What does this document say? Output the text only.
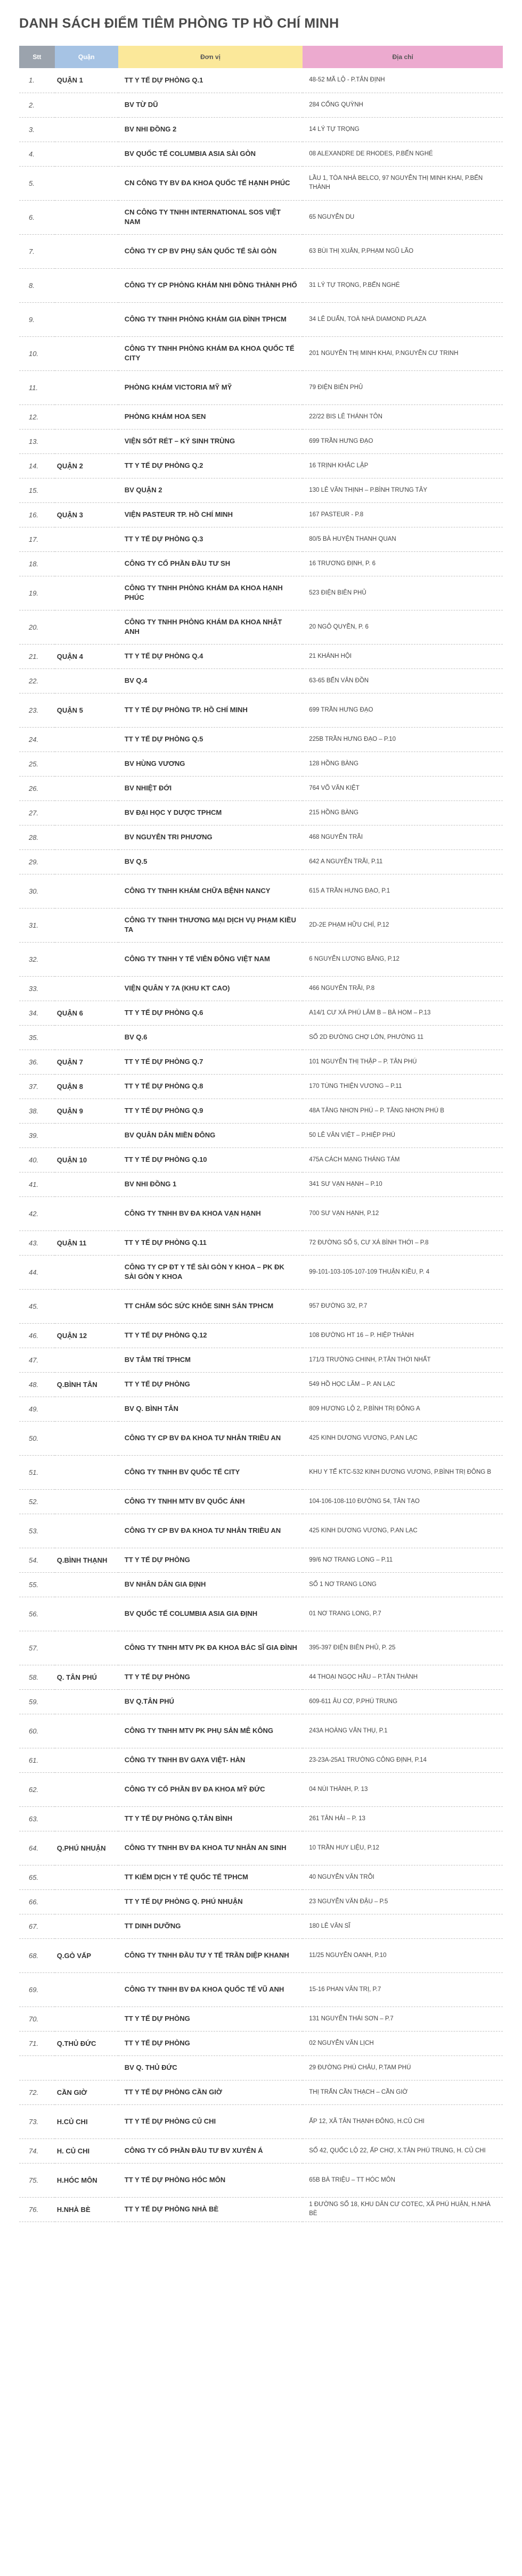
DANH SÁCH ĐIỂM TIÊM PHÒNG TP HỒ CHÍ MINH
Stt	Quận	Đơn vị	Địa chỉ
1.	QUẬN 1	TT Y TẾ DỰ PHÒNG Q.1	48-52 MÃ LỘ - P.TÂN ĐỊNH
2.		BV TỪ DŨ	284 CỐNG QUỲNH
3.		BV NHI ĐỒNG 2	14 LÝ TỰ TRỌNG
4.		BV QUỐC TẾ COLUMBIA ASIA SÀI GÒN	08 ALEXANDRE DE RHODES, P.BẾN NGHÉ
5.		CN CÔNG TY BV ĐA KHOA QUỐC TẾ HẠNH PHÚC	LẦU 1, TÒA NHÀ BELCO, 97 NGUYỄN THỊ MINH KHAI, P.BẾN THÀNH
6.		CN CÔNG TY TNHH INTERNATIONAL SOS VIỆT NAM	65 NGUYỄN DU
7.		CÔNG TY CP BV PHỤ SẢN QUỐC TẾ SÀI GÒN	63 BÙI THỊ XUÂN, P.PHẠM NGŨ LÃO
8.		CÔNG TY CP PHÒNG KHÁM NHI ĐỒNG THÀNH PHỐ	31 LÝ TỰ TRỌNG, P.BẾN NGHÉ
9.		CÔNG TY TNHH PHÒNG KHÁM GIA ĐÌNH TPHCM	34 LÊ DUẨN, TOÀ NHÀ DIAMOND PLAZA
10.		CÔNG TY TNHH PHÒNG KHÁM ĐA KHOA QUỐC TẾ CITY	201 NGUYỄN THỊ MINH KHAI, P.NGUYỄN CƯ TRINH
11.		PHÒNG KHÁM VICTORIA MỸ MỸ	79 ĐIỆN BIÊN PHỦ
12.		PHÒNG KHÁM HOA SEN	22/22 BIS LÊ THÁNH TÔN
13.		VIỆN SỐT RÉT – KÝ SINH TRÙNG	699 TRẦN HƯNG ĐẠO
14.	QUẬN 2	TT Y TẾ DỰ PHÒNG Q.2	16 TRỊNH KHẮC LẬP
15.		BV QUẬN 2	130 LÊ VĂN THỊNH – P.BÌNH TRƯNG TÂY
16.	QUẬN 3	VIỆN PASTEUR TP. HỒ CHÍ MINH	167 PASTEUR - P.8
17.		TT Y TẾ DỰ PHÒNG Q.3	80/5 BÀ HUYỆN THANH QUAN
18.		CÔNG TY CỔ PHẦN ĐẦU TƯ SH	16 TRƯƠNG ĐỊNH, P. 6
19.		CÔNG TY TNHH PHÒNG KHÁM ĐA KHOA HẠNH PHÚC	523 ĐIỆN BIÊN PHỦ
20.		CÔNG TY TNHH PHÒNG KHÁM ĐA KHOA NHẬT ANH	20 NGÔ QUYỀN, P. 6
21.	QUẬN 4	TT Y TẾ DỰ PHÒNG Q.4	21 KHÁNH HỘI
22.		BV Q.4	63-65 BẾN VÂN ĐỒN
23.	QUẬN 5	TT Y TẾ DỰ PHÒNG TP. HỒ CHÍ MINH	699 TRẦN HƯNG ĐẠO
24.		TT Y TẾ DỰ PHÒNG Q.5	225B TRẦN HƯNG ĐẠO – P.10
25.		BV HÙNG VƯƠNG	128 HỒNG BÀNG
26.		BV NHIỆT ĐỚI	764 VÕ VĂN KIỆT
27.		BV ĐẠI HỌC Y DƯỢC TPHCM	215 HỒNG BÀNG
28.		BV NGUYỄN TRI PHƯƠNG	468 NGUYỄN TRÃI
29.		BV Q.5	642 A NGUYỄN TRÃI, P.11
30.		CÔNG TY TNHH KHÁM CHỮA BỆNH NANCY	615 A TRẦN HƯNG ĐẠO, P.1
31.		CÔNG TY TNHH THƯƠNG MẠI DỊCH VỤ PHẠM KIỀU TA	2D-2E PHẠM HỮU CHÍ, P.12
32.		CÔNG TY TNHH Y TẾ VIỄN ĐÔNG VIỆT NAM	6 NGUYỄN LƯƠNG BẰNG, P.12
33.		VIỆN QUÂN Y 7A (KHU KT CAO)	466 NGUYỄN TRÃI, P.8
34.	QUẬN 6	TT Y TẾ DỰ PHÒNG Q.6	A14/1 CƯ XÁ PHÚ LÂM B – BÀ HOM – P.13
35.		BV Q.6	SỐ 2D ĐƯỜNG CHỢ LỚN, PHƯỜNG 11
36.	QUẬN 7	TT Y TẾ DỰ PHÒNG Q.7	101 NGUYỄN THỊ THẬP – P. TÂN PHÚ
37.	QUẬN 8	TT Y TẾ DỰ PHÒNG Q.8	170 TÙNG THIỆN VƯƠNG – P.11
38.	QUẬN 9	TT Y TẾ DỰ PHÒNG Q.9	48A TĂNG NHƠN PHÚ – P. TĂNG NHƠN PHÚ B
39.		BV QUÂN DÂN MIỀN ĐÔNG	50 LÊ VĂN VIỆT – P.HIỆP PHÚ
40.	QUẬN 10	TT Y TẾ DỰ PHÒNG Q.10	475A CÁCH MẠNG THÁNG TÁM
41.		BV NHI ĐỒNG 1	341 SƯ VẠN HẠNH – P.10
42.		CÔNG TY TNHH BV ĐA KHOA VẠN HẠNH	700 SƯ VẠN HẠNH, P.12
43.	QUẬN 11	TT Y TẾ DỰ PHÒNG Q.11	72 ĐƯỜNG SỐ 5, CƯ XÁ BÌNH THỚI – P.8
44.		CÔNG TY CP ĐT Y TẾ SÀI GÒN Y KHOA – PK ĐK SÀI GÒN Y KHOA	99-101-103-105-107-109 THUẬN KIỀU, P. 4
45.		TT CHĂM SÓC SỨC KHỎE SINH SẢN TPHCM	957 ĐƯỜNG 3/2, P.7
46.	QUẬN 12	TT Y TẾ DỰ PHÒNG Q.12	108 ĐƯỜNG HT 16 – P. HIỆP THÀNH
47.		BV TÂM TRÍ TPHCM	171/3 TRƯỜNG CHINH, P.TÂN THỚI NHẤT
48.	Q.BÌNH TÂN	TT Y TẾ DỰ PHÒNG	549 HỒ HỌC LÃM – P. AN LẠC
49.		BV Q. BÌNH TÂN	809 HƯƠNG LỘ 2, P.BÌNH TRỊ ĐÔNG A
50.		CÔNG TY CP BV ĐA KHOA TƯ NHÂN TRIỀU AN	425 KINH DƯƠNG VƯƠNG, P.AN LẠC
51.		CÔNG TY TNHH BV QUỐC TẾ CITY	KHU Y TẾ KTC-532 KINH DƯƠNG VƯƠNG, P.BÌNH TRỊ ĐÔNG B
52.		CÔNG TY TNHH MTV BV QUỐC ÁNH	104-106-108-110 ĐƯỜNG 54, TÂN TẠO
53.		CÔNG TY CP BV ĐA KHOA TƯ NHÂN TRIỀU AN	425 KINH DƯƠNG VƯƠNG, P.AN LẠC
54.	Q.BÌNH THẠNH	TT Y TẾ DỰ PHÒNG	99/6 NƠ TRANG LONG – P.11
55.		BV NHÂN DÂN GIA ĐỊNH	SỐ 1 NƠ TRANG LONG
56.		BV QUỐC TẾ COLUMBIA ASIA GIA ĐỊNH	01 NƠ TRANG LONG, P.7
57.		CÔNG TY TNHH MTV PK ĐA KHOA BÁC SĨ GIA ĐÌNH	395-397 ĐIỆN BIÊN PHỦ, P. 25
58.	Q. TÂN PHÚ	TT Y TẾ DỰ PHÒNG	44 THOẠI NGỌC HẦU – P.TÂN THÀNH
59.		BV Q.TÂN PHÚ	609-611 ÂU CƠ, P.PHÚ TRUNG
60.		CÔNG TY TNHH MTV PK PHỤ SẢN MÊ KÔNG	243A HOÀNG VĂN THỤ, P.1
61.		CÔNG TY TNHH BV GAYA VIỆT- HÀN	23-23A-25A1 TRƯỜNG CÔNG ĐỊNH, P.14
62.		CÔNG TY CỔ PHẦN BV ĐA KHOA MỸ ĐỨC	04 NÚI THÀNH, P. 13
63.		TT Y TẾ DỰ PHÒNG Q.TÂN BÌNH	261 TÂN HẢI – P. 13
64.	Q.PHÚ NHUẬN	CÔNG TY TNHH BV ĐA KHOA TƯ NHÂN AN SINH	10 TRẦN HUY LIỆU, P.12
65.		TT KIỂM DỊCH Y TẾ QUỐC TẾ TPHCM	40 NGUYỄN VĂN TRỖI
66.		TT Y TẾ DỰ PHÒNG Q. PHÚ NHUẬN	23 NGUYỄN VĂN ĐẬU – P.5
67.		TT DINH DƯỠNG	180 LÊ VĂN SĨ
68.	Q.GÒ VẤP	CÔNG TY TNHH ĐẦU TƯ Y TẾ TRẦN DIỆP KHANH	11/25 NGUYỄN OANH, P.10
69.		CÔNG TY TNHH BV ĐA KHOA QUỐC TẾ VŨ ANH	15-16 PHAN VĂN TRỊ, P.7
70.		TT Y TẾ DỰ PHÒNG	131 NGUYỄN THÁI SƠN – P.7
71.	Q.THỦ ĐỨC	TT Y TẾ DỰ PHÒNG	02 NGUYỄN VĂN LỊCH
		BV Q. THỦ ĐỨC	29 ĐƯỜNG PHÚ CHÂU, P.TAM PHÚ
72.	CẦN GIỜ	TT Y TẾ DỰ PHÒNG CẦN GIỜ	THỊ TRẤN CẦN THẠCH – CẦN GIỜ
73.	H.CỦ CHI	TT Y TẾ DỰ PHÒNG CỦ CHI	ẤP 12, XÃ TÂN THẠNH ĐÔNG, H.CỦ CHI
74.	H. CỦ CHI	CÔNG TY CỔ PHẦN ĐẦU TƯ BV XUYÊN Á	SỐ 42, QUỐC LỘ 22, ẤP CHỢ, X.TÂN PHÚ TRUNG, H. CỦ CHI
75.	H.HÓC MÔN	TT Y TẾ DỰ PHÒNG HÓC MÔN	65B BÀ TRIỆU – TT HÓC MÔN
76.	H.NHÀ BÈ	TT Y TẾ DỰ PHÒNG NHÀ BÈ	1 ĐƯỜNG SỐ 18, KHU DÂN CƯ COTEC, XÃ PHÚ HUẬN, H.NHÀ BÈ
